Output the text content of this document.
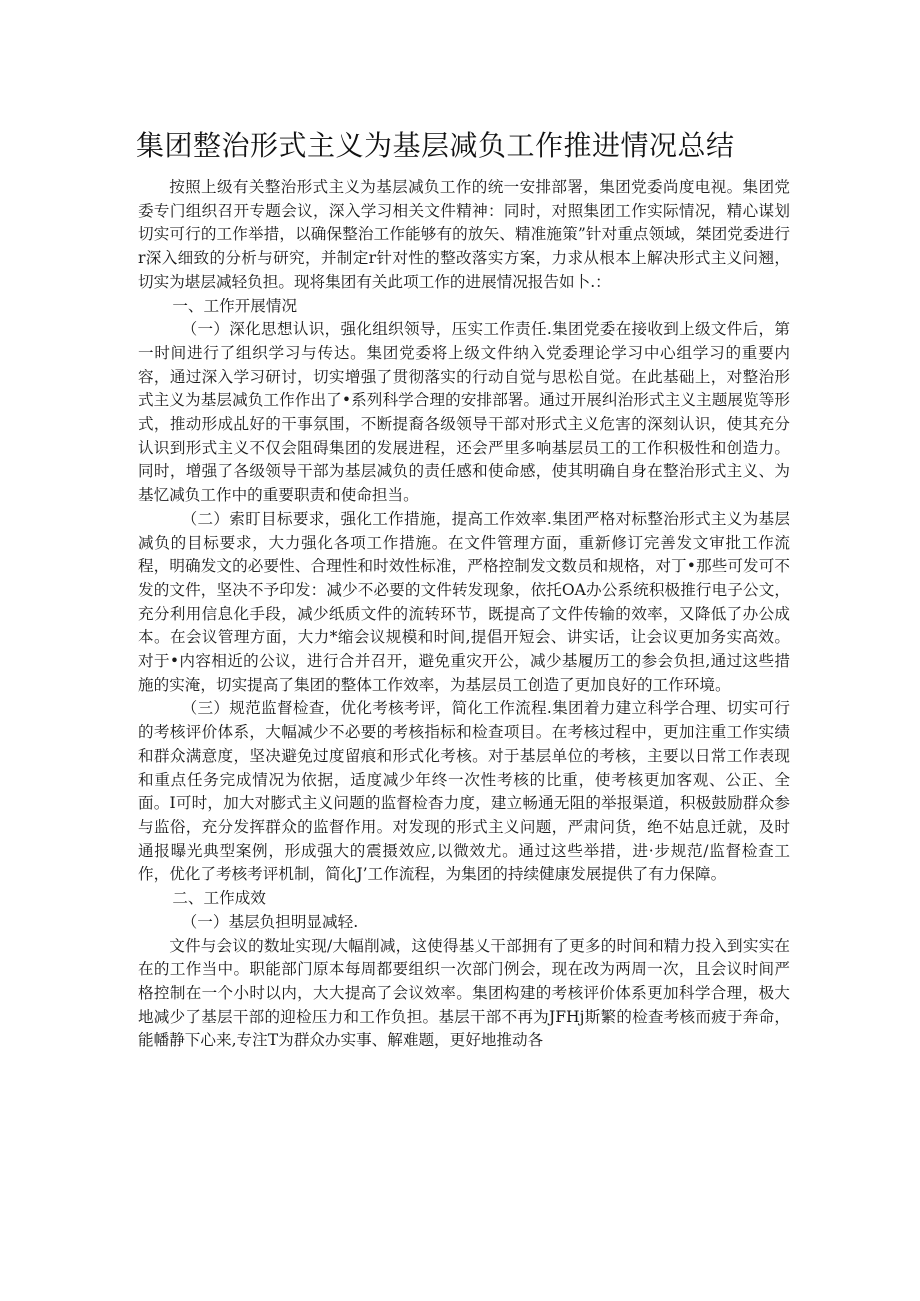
集团整治形式主义为基层减负工作推进情况总结

按照上级有关整治形式主义为基层减负工作的统一安排部署，集团党委尚度电视。集团党委专门组织召开专题会议，深入学习相关文件精神：同时，对照集团工作实际情况，精心谋划切实可行的工作举措，以确保整治工作能够有的放矢、精准施策”针对重点领域，桀团党委进行r深入细致的分析与研究，并制定r针对性的整改落实方案，力求从根本上解决形式主义问翘，切实为堪层减轻负担。现将集团有关此项工作的进展情况报告如卜.：

一、工作开展情况

（一）深化思想认识，强化组织领导，压实工作责任.集团党委在接收到上级文件后，第一时间进行了组织学习与传达。集团党委将上级文件纳入党委理论学习中心组学习的重要内容，通过深入学习研讨，切实增强了贯彻落实的行动自觉与思松自觉。在此基础上，对整治形式主义为基层减负工作作出了•系列科学合理的安排部署。通过开展纠治形式主义主题展览等形式，推动形成乩好的干事氛围，不断提裔各级领导干部对形式主义危害的深刻认识，使其充分认识到形式主义不仅会阻碍集团的发展进程，还会严里多响基层员工的工作积极性和创造力。同时，增强了各级领导干部为基层减负的责任感和使命感，使其明确自身在整治形式主义、为基忆减负工作中的重要职责和使命担当。

（二）索盯目标要求，强化工作措施，提高工作效率.集团严格对标整治形式主义为基层减负的目标要求，大力强化各项工作措施。在文件管理方面，重新修订完善发文审批工作流程，明确发文的必要性、合理性和时效性标准，严格控制发文数员和规格，对丁•那些可发可不发的文件，坚决不予印发：减少不必要的文件转发现象，依托OA办公系统积极推行电子公文，充分利用信息化手段，减少纸质文件的流转环节，既提高了文件传输的效率，又降低了办公成本。在会议管理方面，大力*缩会议规模和时间,提倡开短会、讲实话，让会议更加务实高效。对于•内容相近的公议，进行合并召开，避免重灾开公，减少基履历工的参会负担,通过这些措施的实淹，切实提高了集团的整体工作效率，为基层员工创造了更加良好的工作环境。

（三）规范监督检查，优化考核考评，简化工作流程.集团着力建立科学合理、切实可行的考核评价体系，大幅减少不必要的考核指标和检查项目。在考核过程中，更加注重工作实绩和群众满意度，坚决避免过度留痕和形式化考核。对于基层单位的考核，主要以日常工作表现和重点任务完成情况为依据，适度减少年终一次性考核的比重，使考核更加客观、公正、全面。I可时，加大对膨式主义问题的监督检杳力度，建立畅通无阻的举报渠道，积极鼓励群众参与监俗，充分发挥群众的监督作用。对发现的形式主义问题，严肃问货，绝不姑息迁就，及时通报曝光典型案例，形成强大的震摄效应,以微效尤。通过这些举措，进·步规范/监督检查工作，优化了考核考评机制，简化J’工作流程，为集团的持续健康发展提供了有力保障。

二、工作成效

（一）基层负担明显减轻.

文件与会议的数址实现/大幅削减，这使得基乂干部拥有了更多的时间和精力投入到实实在在的工作当中。职能部门原本每周都要组织一次部门例会，现在改为两周一次，且会议时间严格控制在一个小时以内，大大提高了会议效率。集团构建的考核评价体系更加科学合理，极大地减少了基层干部的迎检压力和工作负担。基层干部不再为JFHj斯繁的检查考核而疲于奔命，能幡静下心来,专注T为群众办实事、解难题，更好地推动各
